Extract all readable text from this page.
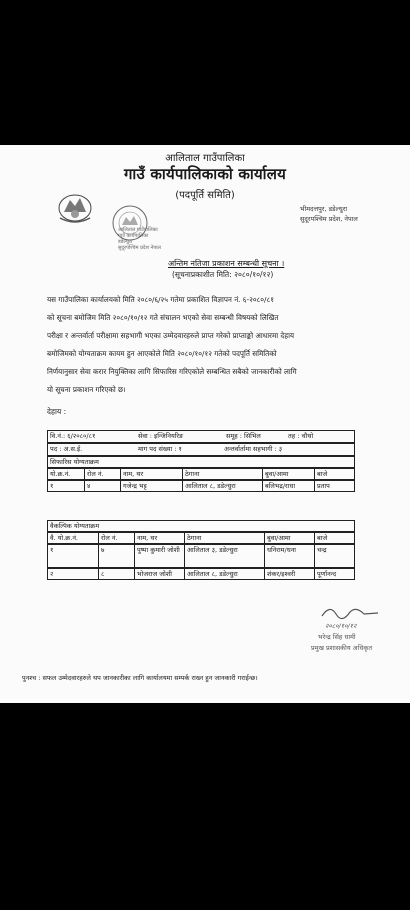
आलिताल गाउँपालिका
गाउँ कार्यपालिकाको कार्यालय
(पदपूर्ति समिति)
भीमदत्तपुर, डडेल्धुरा
सुदूरपश्चिम प्रदेश, नेपाल
आलिताल गाउँपालिका
गाउँ कार्यपालिका
डडेल्धुरा
सुदूरपश्चिम प्रदेश नेपाल
अन्तिम नतिजा प्रकाशन सम्बन्धी सूचना ।
(सूचनाप्रकाशीत मिति: २०८०/१०/१२)

यस गाउँपालिका कार्यालयको मिति २०८०/६/२५ गतेमा प्रकाशित विज्ञापन नं. ६-२०८०/८१

को सूचना बमोजिम मिति २०८०/१०/१२ गते संचालन भएको सेवा सम्बन्धी विषयको लिखित

परीक्षा र अन्तर्वार्ता परीक्षामा सहभागी भएका उम्मेदवारहरुले प्राप्त गरेको प्राप्ताङ्को आधारमा देहाय

बमोजिमको योग्यताक्रम कायम हुन आएकोले मिति २०८०/१०/१२ गतेको पदपूर्ति समितिको

निर्णयानुसार सेवा करार नियुक्तिका लागि सिफारिस गरिएकोले सम्बन्धित सबैको जानकारीको लागि

यो सूचना प्रकाशन गरिएको छ।

देहाय :
वि.नं.: ६/२०८०/८१	सेवा : इन्जिनियरिङ	समूह : सिभिल	तह : चौथो
पद : अ.स.ई.	माग पद संख्या : १	अन्तर्वार्तामा सहभागी : ३
सिफारिस योग्यताक्रम
यो.क्र.नं.	रोल नं.	नाम, थर	ठेगाना	बुवा/आमा	बाजे
१	४	गजेन्द्र भट्ट	आलिताल ८, डडेल्धुरा	बलिभद्र/राधा	प्रताप
वैकल्पिक योग्यताक्रम
वै. यो.क्र.नं.	रोल नं.	नाम, थर	ठेगाना	बुवा/आमा	बाजे
१	७	पुष्पा कुमारी जोशी	आलिताल ३, डडेल्धुरा	धनिराम/धना	चन्द्र
२	८	भोजराज जोशी	आलिताल ८, डडेल्धुरा	शंकर/इश्वरी	पूर्णानन्द
२०८०/१०/१२
भरेन्द्र सिंह धामी
प्रमुख प्रशासकीय अधिकृत
पुनश्च : सफल उम्मेदवारहरुले थप जानकारीका लागि कार्यालयमा सम्पर्क राख्न हुन जानकारी गराईन्छ।
